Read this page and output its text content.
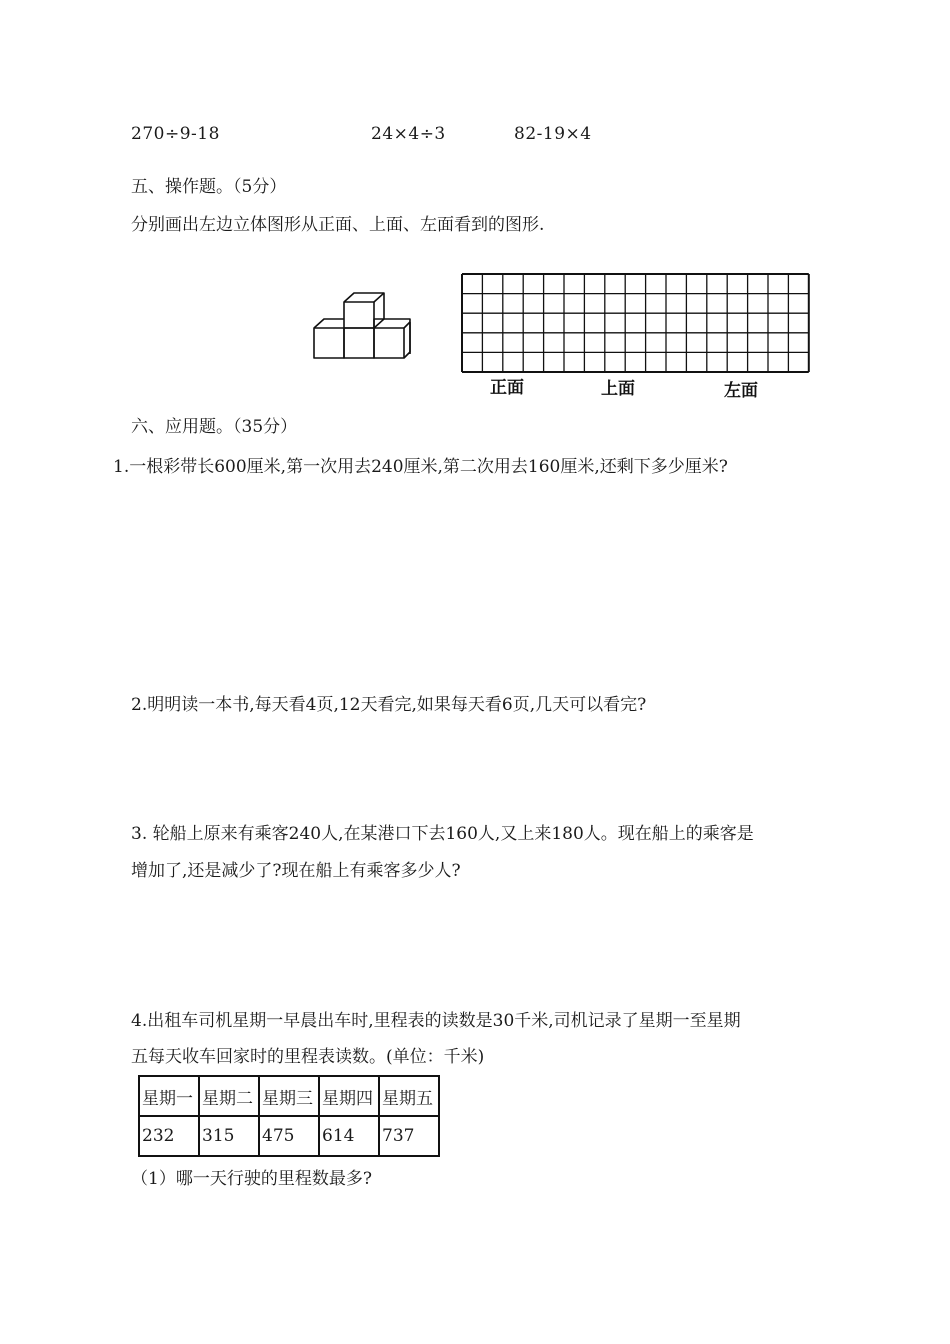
270÷9-18	24×4÷3	82-19×4
五、操作题。（5分）
分别画出左边立体图形从正面、上面、左面看到的图形.
正面	上面	左面
六、应用题。（35分）
1.一根彩带长600厘米,第一次用去240厘米,第二次用去160厘米,还剩下多少厘米?
2.明明读一本书,每天看4页,12天看完,如果每天看6页,几天可以看完?
3. 轮船上原来有乘客240人,在某港口下去160人,又上来180人。现在船上的乘客是
增加了,还是减少了?现在船上有乘客多少人?
4.出租车司机星期一早晨出车时,里程表的读数是30千米,司机记录了星期一至星期
五每天收车回家时的里程表读数。(单位：千米)
星期一	星期二	星期三	星期四	星期五
232	315	475	614	737
（1）哪一天行驶的里程数最多?
